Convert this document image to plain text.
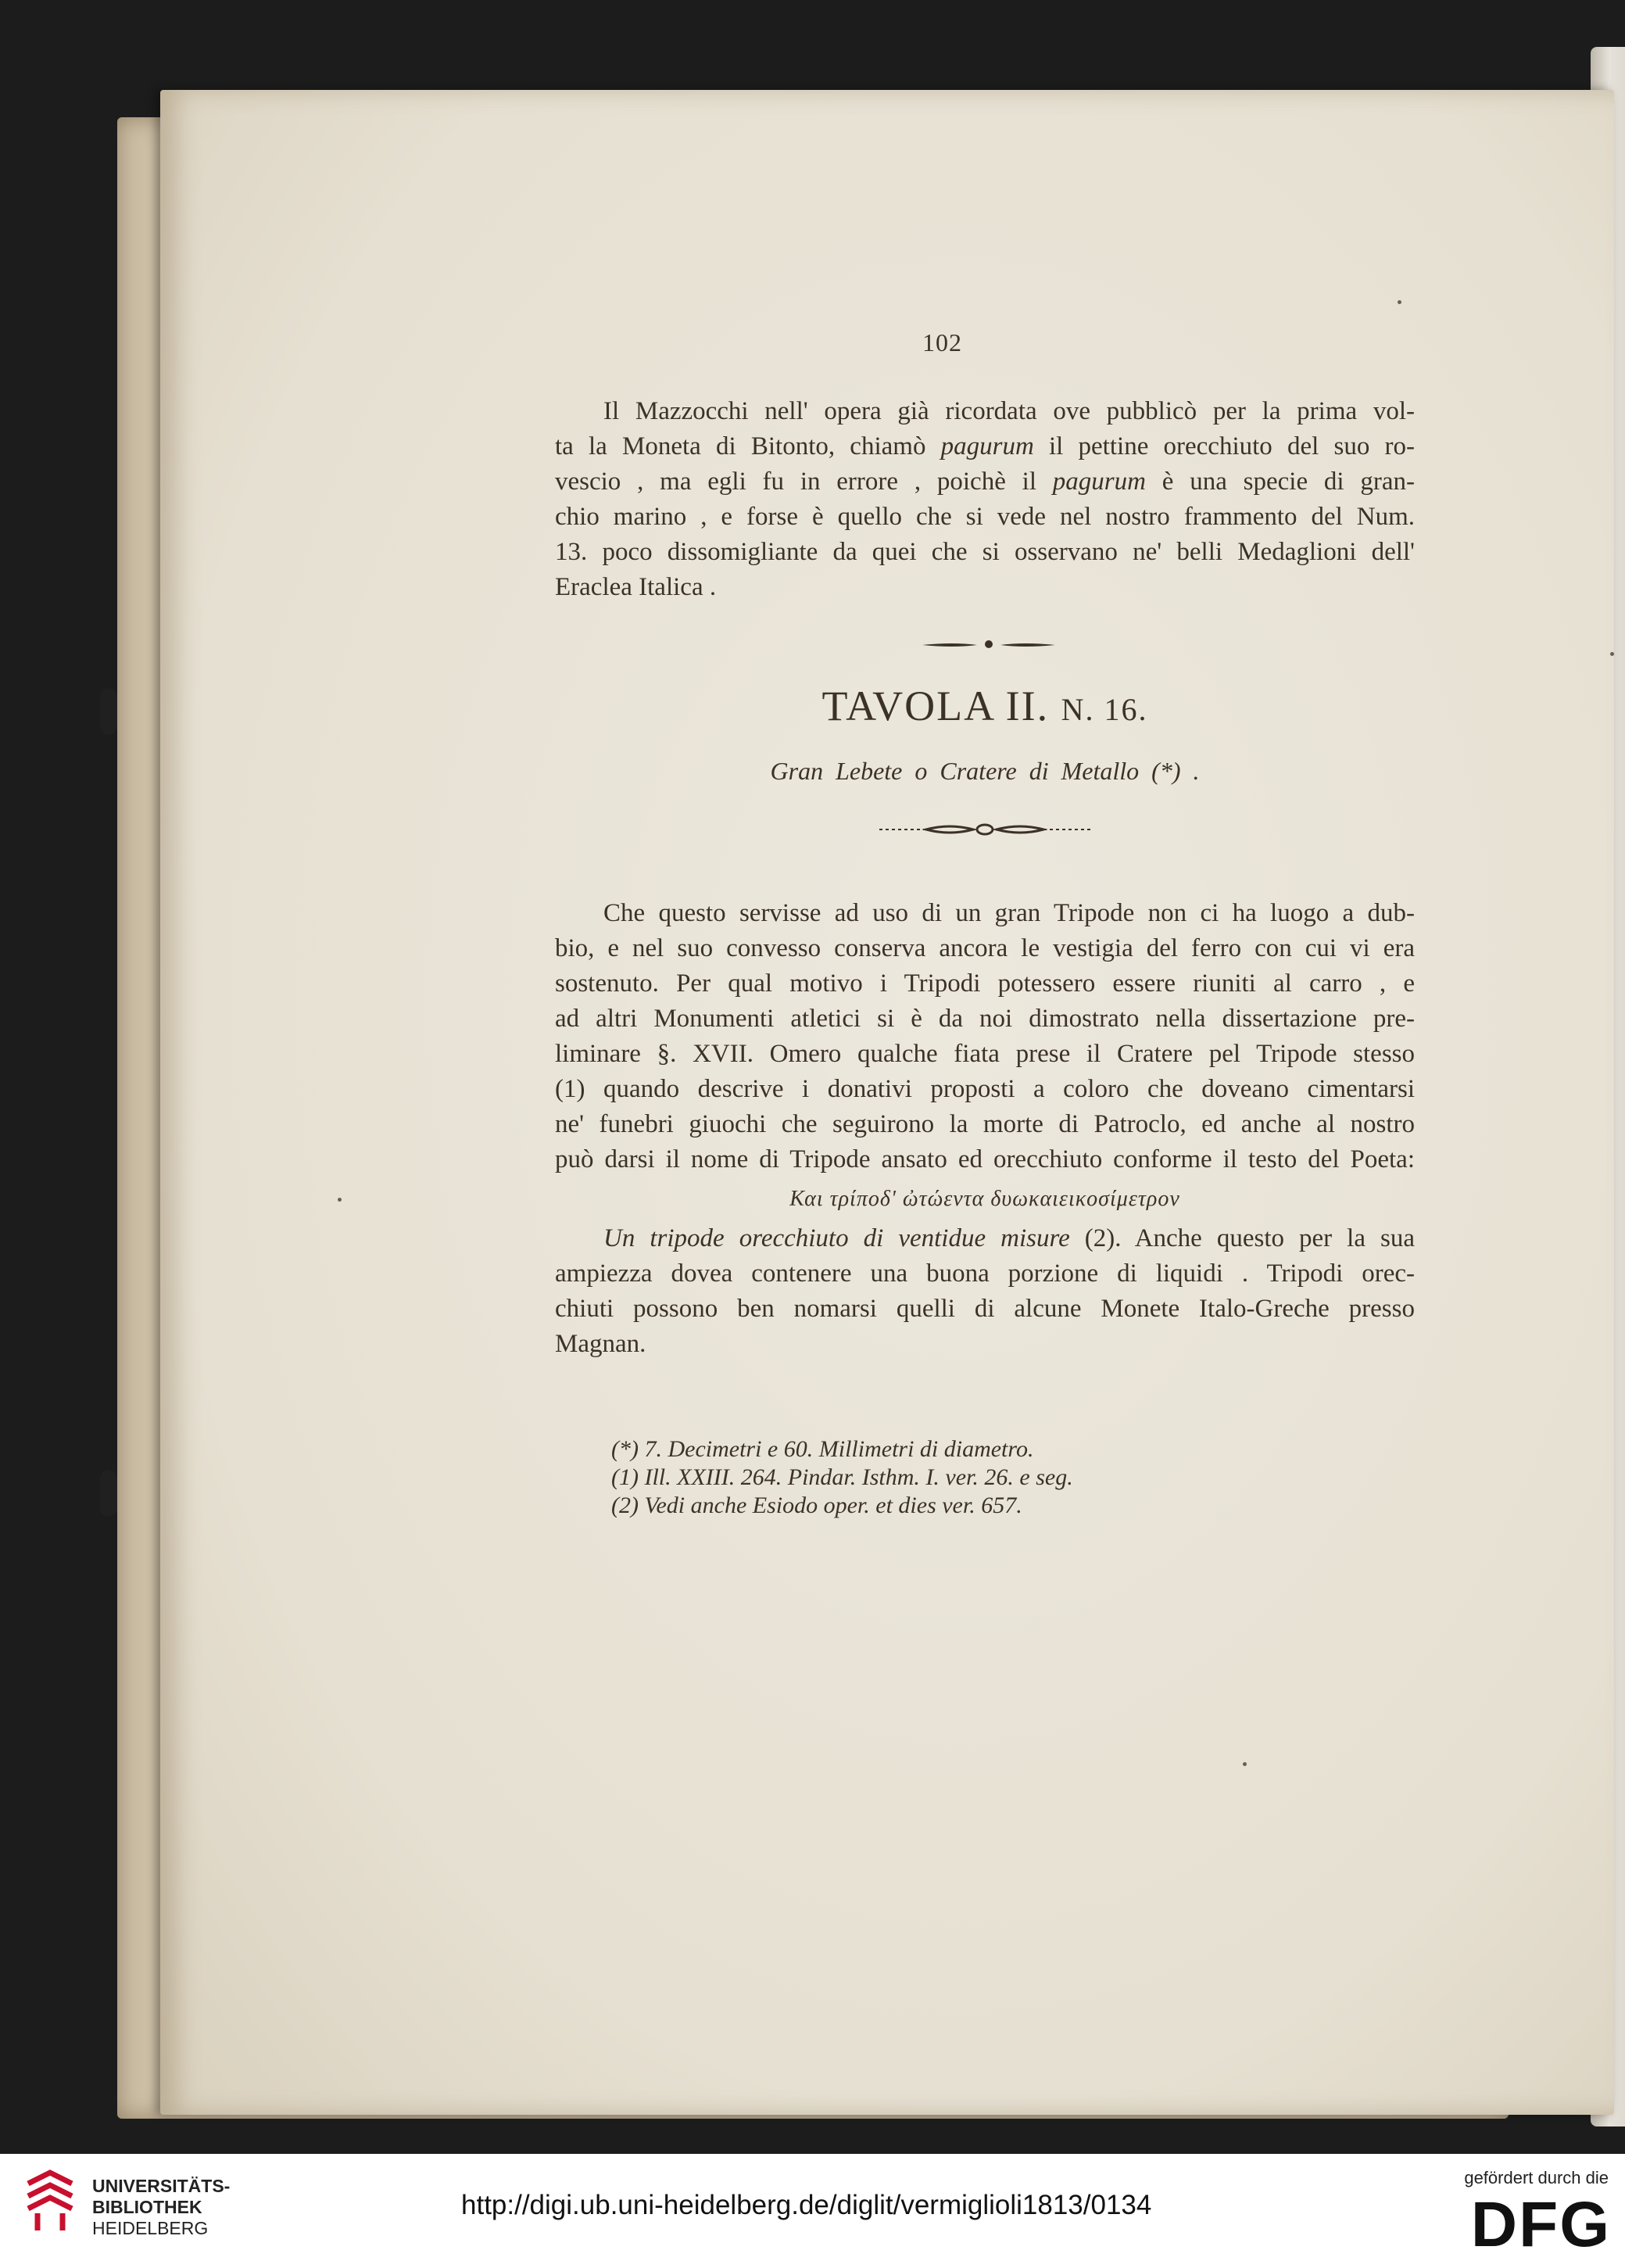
102

Il Mazzocchi nell' opera già ricordata ove pubblicò per la prima vol-

ta la Moneta di Bitonto, chiamò pagurum il pettine orecchiuto del suo ro-

vescio , ma egli fu in errore , poichè il pagurum è una specie di gran-

chio marino , e forse è quello che si vede nel nostro frammento del Num.

13. poco dissomigliante da quei che si osservano ne' belli Medaglioni dell'

Eraclea Italica .

TAVOLA II. N. 16.
Gran Lebete o Cratere di Metallo (*) .

Che questo servisse ad uso di un gran Tripode non ci ha luogo a dub-

bio, e nel suo convesso conserva ancora le vestigia del ferro con cui vi era

sostenuto. Per qual motivo i Tripodi potessero essere riuniti al carro , e

ad altri Monumenti atletici si è da noi dimostrato nella dissertazione pre-

liminare §. XVII. Omero qualche fiata prese il Cratere pel Tripode stesso

(1) quando descrive i donativi proposti a coloro che doveano cimentarsi

ne' funebri giuochi che seguirono la morte di Patroclo, ed anche al nostro

può darsi il nome di Tripode ansato ed orecchiuto conforme il testo del Poeta:

Και τρίποδ' ὠτώεντα δυωκαιεικοσίμετρον

Un tripode orecchiuto di ventidue misure (2). Anche questo per la sua

ampiezza dovea contenere una buona porzione di liquidi . Tripodi orec-

chiuti possono ben nomarsi quelli di alcune Monete Italo-Greche presso

Magnan.

(*) 7. Decimetri e 60. Millimetri di diametro.

(1) Ill. XXIII. 264. Pindar. Isthm. I. ver. 26. e seg.

(2) Vedi anche Esiodo oper. et dies ver. 657.

UNIVERSITÄTS-
BIBLIOTHEK
HEIDELBERG
http://digi.ub.uni-heidelberg.de/diglit/vermiglioli1813/0134
gefördert durch die
DFG
